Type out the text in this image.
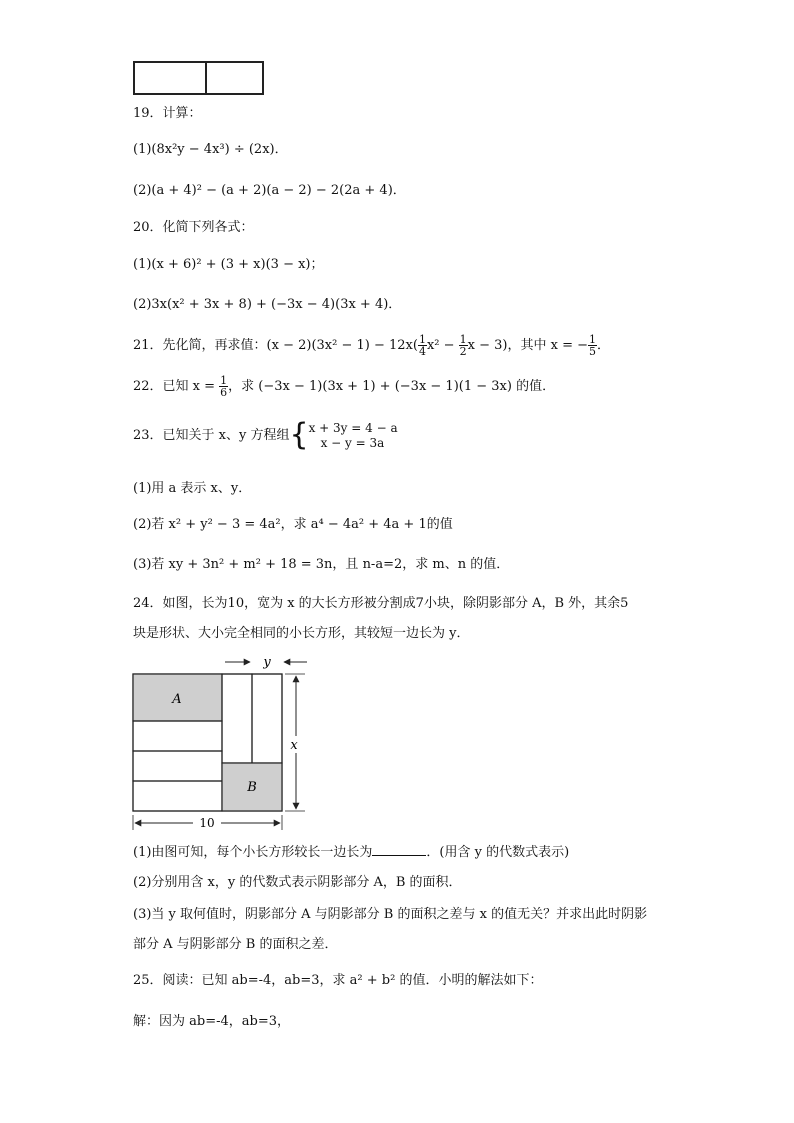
19．计算：
(1)(8x²y − 4x³) ÷ (2x)．
(2)(a + 4)² − (a + 2)(a − 2) − 2(2a + 4)．
20．化简下列各式：
(1)(x + 6)² + (3 + x)(3 − x)；
(2)3x(x² + 3x + 8) + (−3x − 4)(3x + 4)．
21．先化简，再求值：$(x - 2)(3x^2 - 1) - 12x( \frac{1}{4} x^2 - \frac{1}{2}$ x − 3)，其中 x = − $\frac{1}{5}$ ．
22．已知 $x = \frac{1}{6}$ ，求 (−3x − 1)(3x + 1) + (−3x − 1)(1 − 3x) 的值．
23．已知关于 x、y 方程组{ x + 3y = 4 − a
x − y = 3a
(1)用 a 表示 x、y．
(2)若 x² + y² − 3 = 4a²，求 a⁴ − 4a² + 4a + 1的值
(3)若 xy + 3n² + m² + 18 = 3n，且 n-a=2，求 m、n 的值．
24．如图，长为10，宽为 x 的大长方形被分割成7小块，除阴影部分 A，B 外，其余5
块是形状、大小完全相同的小长方形，其较短一边长为 y．
A
B
y
x
10
(1)由图可知，每个小长方形较长一边长为	．(用含 y 的代数式表示)
(2)分别用含 x，y 的代数式表示阴影部分 A，B 的面积．
(3)当 y 取何值时，阴影部分 A 与阴影部分 B 的面积之差与 x 的值无关？并求出此时阴影
部分 A 与阴影部分 B 的面积之差．
25．阅读：已知 ab=-4，ab=3，求 a² + b² 的值．小明的解法如下：
解：因为 ab=-4，ab=3，
